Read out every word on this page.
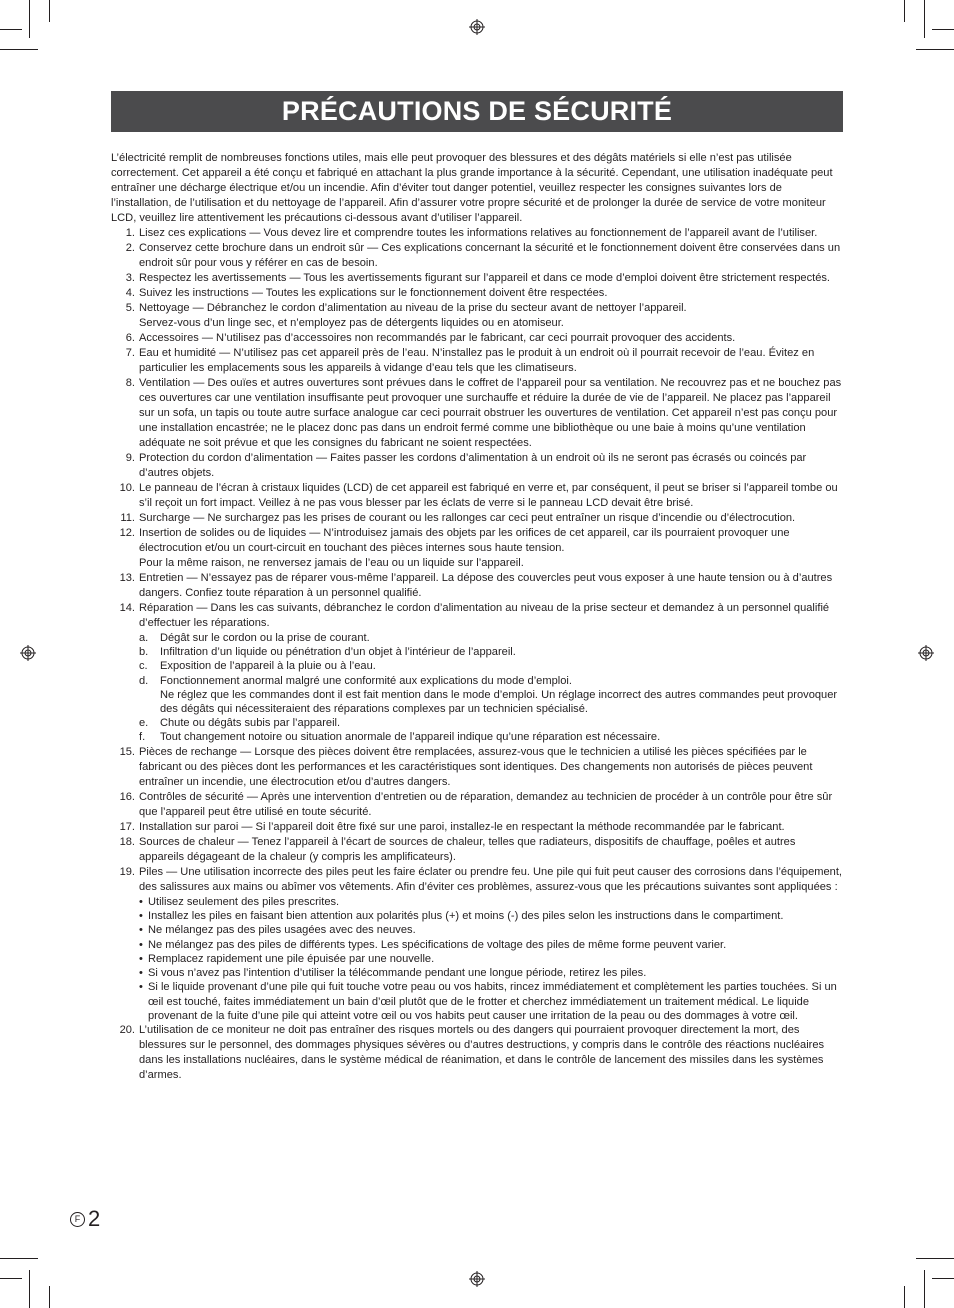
PRÉCAUTIONS DE SÉCURITÉ

L’électricité remplit de nombreuses fonctions utiles, mais elle peut provoquer des blessures et des dégâts matériels si elle n’est pas utilisée correctement. Cet appareil a été conçu et fabriqué en attachant la plus grande importance à la sécurité. Cependant, une utilisation inadéquate peut entraîner une décharge électrique et/ou un incendie. Afin d’éviter tout danger potentiel, veuillez respecter les consignes suivantes lors de l’installation, de l’utilisation et du nettoyage de l’appareil. Afin d’assurer votre propre sécurité et de prolonger la durée de service de votre moniteur LCD, veuillez lire attentivement les précautions ci-dessous avant d’utiliser l’appareil.

1. Lisez ces explications — Vous devez lire et comprendre toutes les informations relatives au fonctionnement de l’appareil avant de l’utiliser.
2. Conservez cette brochure dans un endroit sûr — Ces explications concernant la sécurité et le fonctionnement doivent être conservées dans un endroit sûr pour vous y référer en cas de besoin.
3. Respectez les avertissements — Tous les avertissements figurant sur l’appareil et dans ce mode d’emploi doivent être strictement respectés.
4. Suivez les instructions — Toutes les explications sur le fonctionnement doivent être respectées.
5. Nettoyage — Débranchez le cordon d’alimentation au niveau de la prise du secteur avant de nettoyer l’appareil.
Servez-vous d’un linge sec, et n’employez pas de détergents liquides ou en atomiseur.
6. Accessoires — N’utilisez pas d’accessoires non recommandés par le fabricant, car ceci pourrait provoquer des accidents.
7. Eau et humidité — N’utilisez pas cet appareil près de l’eau. N’installez pas le produit à un endroit où il pourrait recevoir de l’eau. Évitez en particulier les emplacements sous les appareils à vidange d’eau tels que les climatiseurs.
8. Ventilation — Des ouïes et autres ouvertures sont prévues dans le coffret de l’appareil pour sa ventilation. Ne recouvrez pas et ne bouchez pas ces ouvertures car une ventilation insuffisante peut provoquer une surchauffe et réduire la durée de vie de l’appareil. Ne placez pas l’appareil sur un sofa, un tapis ou toute autre surface analogue car ceci pourrait obstruer les ouvertures de ventilation. Cet appareil n’est pas conçu pour une installation encastrée; ne le placez donc pas dans un endroit fermé comme une bibliothèque ou une baie à moins qu’une ventilation adéquate ne soit prévue et que les consignes du fabricant ne soient respectées.
9. Protection du cordon d’alimentation — Faites passer les cordons d’alimentation à un endroit où ils ne seront pas écrasés ou coincés par d’autres objets.
10. Le panneau de l’écran à cristaux liquides (LCD) de cet appareil est fabriqué en verre et, par conséquent, il peut se briser si l’appareil tombe ou s’il reçoit un fort impact. Veillez à ne pas vous blesser par les éclats de verre si le panneau LCD devait être brisé.
11. Surcharge — Ne surchargez pas les prises de courant ou les rallonges car ceci peut entraîner un risque d’incendie ou d’électrocution.
12. Insertion de solides ou de liquides — N’introduisez jamais des objets par les orifices de cet appareil, car ils pourraient provoquer une électrocution et/ou un court-circuit en touchant des pièces internes sous haute tension.
Pour la même raison, ne renversez jamais de l’eau ou un liquide sur l’appareil.
13. Entretien — N’essayez pas de réparer vous-même l’appareil. La dépose des couvercles peut vous exposer à une haute tension ou à d’autres dangers. Confiez toute réparation à un personnel qualifié.
14. Réparation — Dans les cas suivants, débranchez le cordon d’alimentation au niveau de la prise secteur et demandez à un personnel qualifié d’effectuer les réparations.
a. Dégât sur le cordon ou la prise de courant.
b. Infiltration d’un liquide ou pénétration d’un objet à l’intérieur de l’appareil.
c. Exposition de l’appareil à la pluie ou à l’eau.
d. Fonctionnement anormal malgré une conformité aux explications du mode d’emploi.
Ne réglez que les commandes dont il est fait mention dans le mode d’emploi. Un réglage incorrect des autres commandes peut provoquer des dégâts qui nécessiteraient des réparations complexes par un technicien spécialisé.
e. Chute ou dégâts subis par l’appareil.
f. Tout changement notoire ou situation anormale de l’appareil indique qu’une réparation est nécessaire.
15. Pièces de rechange — Lorsque des pièces doivent être remplacées, assurez-vous que le technicien a utilisé les pièces spécifiées par le fabricant ou des pièces dont les performances et les caractéristiques sont identiques. Des changements non autorisés de pièces peuvent entraîner un incendie, une électrocution et/ou d’autres dangers.
16. Contrôles de sécurité — Après une intervention d’entretien ou de réparation, demandez au technicien de procéder à un contrôle pour être sûr que l’appareil peut être utilisé en toute sécurité.
17. Installation sur paroi — Si l’appareil doit être fixé sur une paroi, installez-le en respectant la méthode recommandée par le fabricant.
18. Sources de chaleur — Tenez l’appareil à l’écart de sources de chaleur, telles que radiateurs, dispositifs de chauffage, poêles et autres appareils dégageant de la chaleur (y compris les amplificateurs).
19. Piles — Une utilisation incorrecte des piles peut les faire éclater ou prendre feu. Une pile qui fuit peut causer des corrosions dans l’équipement, des salissures aux mains ou abîmer vos vêtements. Afin d’éviter ces problèmes, assurez-vous que les précautions suivantes sont appliquées :
• Utilisez seulement des piles prescrites.
• Installez les piles en faisant bien attention aux polarités plus (+) et moins (-) des piles selon les instructions dans le compartiment.
• Ne mélangez pas des piles usagées avec des neuves.
• Ne mélangez pas des piles de différents types. Les spécifications de voltage des piles de même forme peuvent varier.
• Remplacez rapidement une pile épuisée par une nouvelle.
• Si vous n’avez pas l’intention d’utiliser la télécommande pendant une longue période, retirez les piles.
• Si le liquide provenant d’une pile qui fuit touche votre peau ou vos habits, rincez immédiatement et complètement les parties touchées. Si un œil est touché, faites immédiatement un bain d’œil plutôt que de le frotter et cherchez immédiatement un traitement médical. Le liquide provenant de la fuite d’une pile qui atteint votre œil ou vos habits peut causer une irritation de la peau ou des dommages à votre œil.
20. L’utilisation de ce moniteur ne doit pas entraîner des risques mortels ou des dangers qui pourraient provoquer directement la mort, des blessures sur le personnel, des dommages physiques sévères ou d’autres destructions, y compris dans le contrôle des réactions nucléaires dans les installations nucléaires, dans le système médical de réanimation, et dans le contrôle de lancement des missiles dans les systèmes d’armes.
F 2
